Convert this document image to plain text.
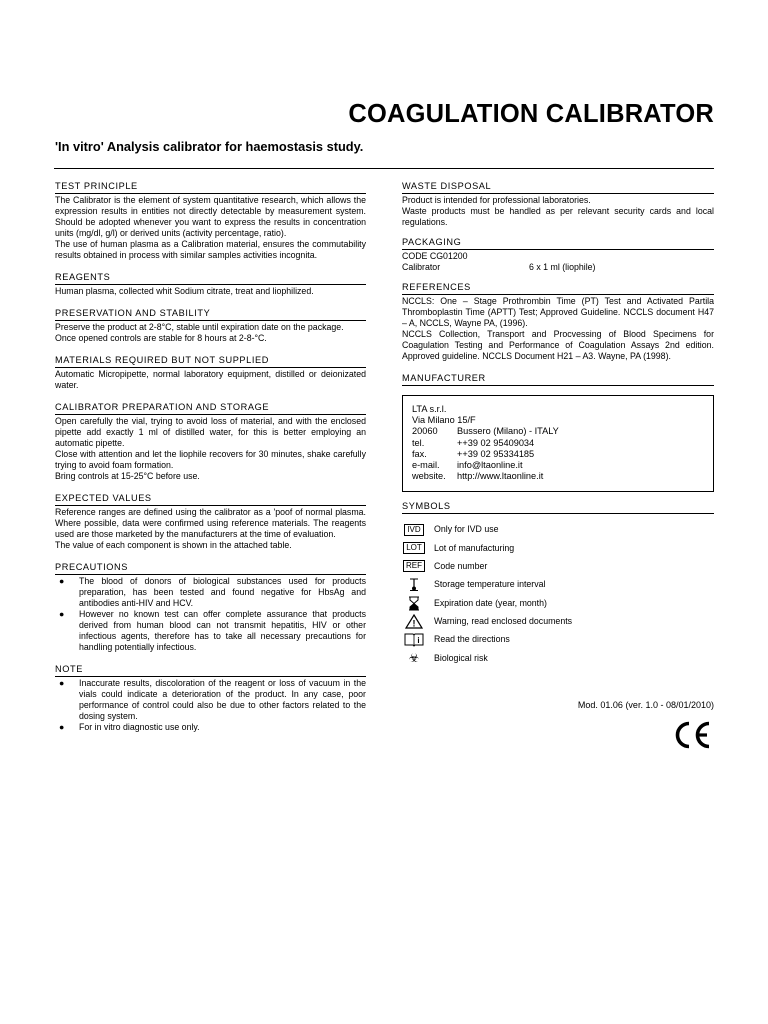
COAGULATION CALIBRATOR

'In vitro' Analysis calibrator for haemostasis study.

TEST PRINCIPLE

The Calibrator is the element of system quantitative research, which allows the expression results in entities not directly detectable by measurement system. Should be adopted whenever you want to express the results in concentration units (mg/dl, g/l) or derived units (activity percentage, ratio).

The use of human plasma as a Calibration material, ensures the commutability results obtained in process with similar samples activities incognita.

REAGENTS

Human plasma, collected whit Sodium citrate, treat and liophilized.

PRESERVATION AND STABILITY

Preserve the product at 2-8°C, stable until expiration date on the package.

Once opened controls are stable for 8 hours at 2-8-°C.

MATERIALS REQUIRED BUT NOT SUPPLIED

Automatic Micropipette, normal laboratory equipment, distilled or deionizated water.

CALIBRATOR PREPARATION AND STORAGE

Open carefully the vial, trying to avoid loss of material, and with the enclosed pipette add exactly 1 ml of distilled water, for this is better employing an automatic pipette.

Close with attention and let the liophile recovers for 30 minutes, shake carefully trying to avoid foam formation.

Bring controls at 15-25°C before use.

EXPECTED VALUES

Reference ranges are defined using the calibrator as a 'poof of normal plasma. Where possible, data were confirmed using reference materials. The reagents used are those marketed by the manufacturers at the time of evaluation.

The value of each component is shown in the attached table.

PRECAUTIONS
● The blood of donors of biological substances used for products preparation, has been tested and found negative for HbsAg and antibodies anti-HIV and HCV.
● However no known test can offer complete assurance that products derived from human blood can not transmit hepatitis, HIV or other infectious agents, therefore has to take all necessary precautions for handling potentially infectious.
NOTE
● Inaccurate results, discoloration of the reagent or loss of vacuum in the vials could indicate a deterioration of the product. In any case, poor performance of control could also be due to other factors related to the dosing system.
● For in vitro diagnostic use only.
WASTE DISPOSAL

Product is intended for professional laboratories.

Waste products must be handled as per relevant security cards and local regulations.

PACKAGING

CODE CG01200

Calibrator	6 x 1 ml (liophile)
REFERENCES

NCCLS: One – Stage Prothrombin Time (PT) Test and Activated Partila Thromboplastin Time (APTT) Test; Approved Guideline. NCCLS document H47 – A, NCCLS, Wayne PA, (1996).

NCCLS Collection, Transport and Procvessing of Blood Specimens for Coagulation Testing and Performance of Coagulation Assays 2nd edition. Approved guideline. NCCLS Document H21 – A3. Wayne, PA (1998).

MANUFACTURER
LTA s.r.l.
Via Milano 15/F
20060	Bussero (Milano) - ITALY
tel.	++39 02 95409034
fax.	++39 02 95334185
e-mail.	info@ltaonline.it
website.	http://www.ltaonline.it
SYMBOLS
IVD	Only for IVD use
LOT	Lot of manufacturing
REF	Code number
Storage temperature interval
Expiration date (year, month)
! Warning, read enclosed documents
i Read the directions
☣ Biological risk
Mod. 01.06 (ver. 1.0 - 08/01/2010)
